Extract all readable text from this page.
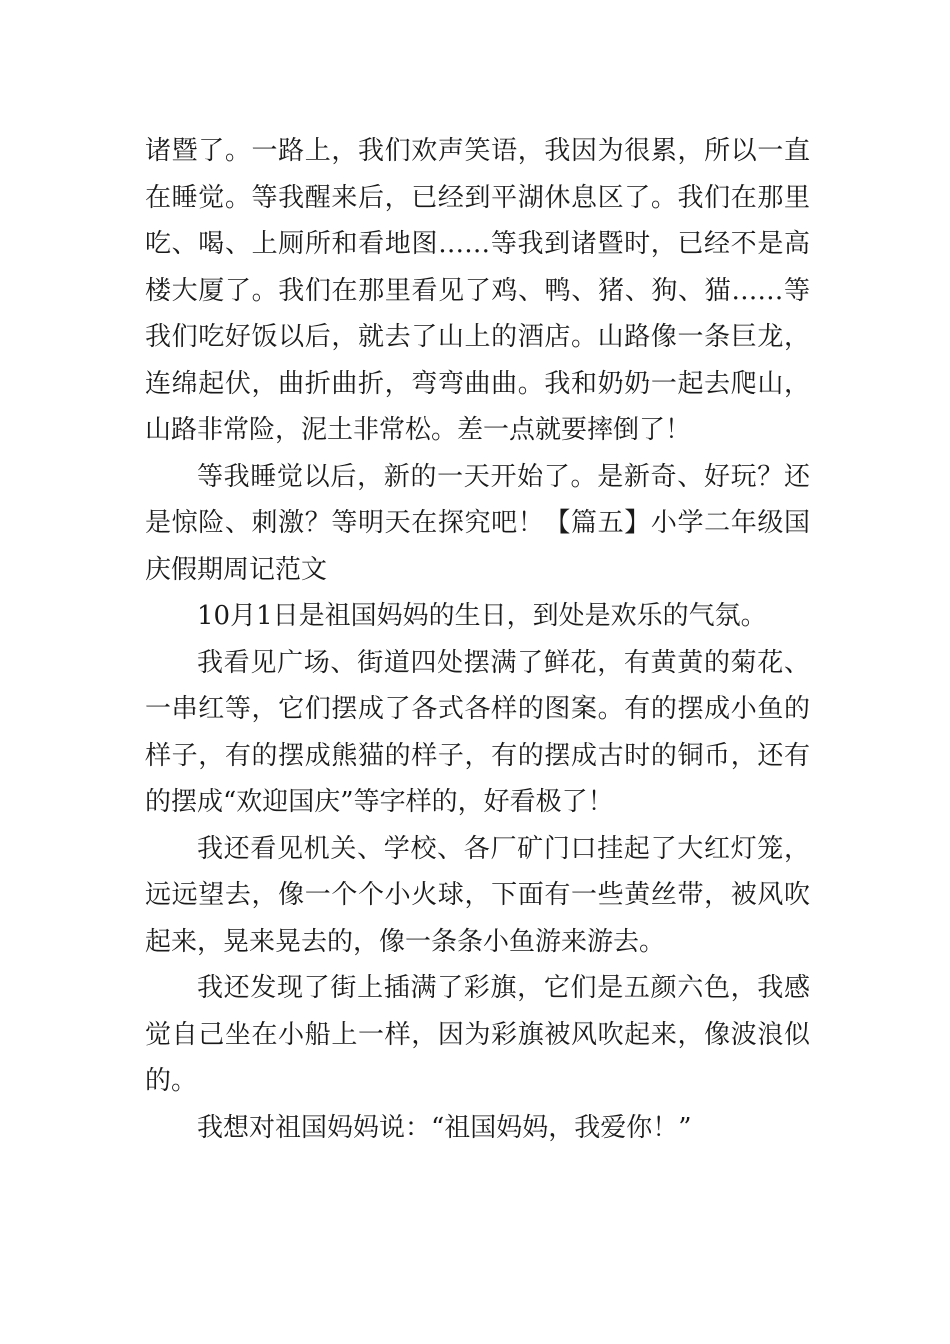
诸暨了。一路上，我们欢声笑语，我因为很累，所以一直在睡觉。等我醒来后，已经到平湖休息区了。我们在那里吃、喝、上厕所和看地图……等我到诸暨时，已经不是高楼大厦了。我们在那里看见了鸡、鸭、猪、狗、猫……等我们吃好饭以后，就去了山上的酒店。山路像一条巨龙，连绵起伏，曲折曲折，弯弯曲曲。我和奶奶一起去爬山，山路非常险，泥土非常松。差一点就要摔倒了！

等我睡觉以后，新的一天开始了。是新奇、好玩？还是惊险、刺激？等明天在探究吧！【篇五】小学二年级国庆假期周记范文

10月1日是祖国妈妈的生日，到处是欢乐的气氛。

我看见广场、街道四处摆满了鲜花，有黄黄的菊花、一串红等，它们摆成了各式各样的图案。有的摆成小鱼的样子，有的摆成熊猫的样子，有的摆成古时的铜币，还有的摆成“欢迎国庆”等字样的，好看极了！

我还看见机关、学校、各厂矿门口挂起了大红灯笼，远远望去，像一个个小火球，下面有一些黄丝带，被风吹起来，晃来晃去的，像一条条小鱼游来游去。

我还发现了街上插满了彩旗，它们是五颜六色，我感觉自己坐在小船上一样，因为彩旗被风吹起来，像波浪似的。

我想对祖国妈妈说：“祖国妈妈，我爱你！”
